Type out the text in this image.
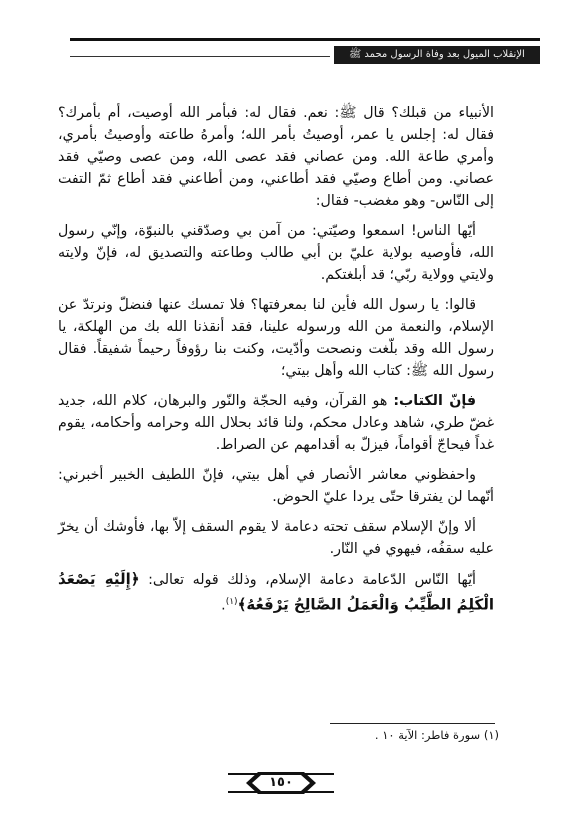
الإنقلاب الميول بعد وفاة الرسول محمد ﷺ

الأنبياء من قبلك؟ قال ﷺ: نعم. فقال له: فبأمر الله أوصيت، أم بأمرك؟ فقال له: إجلس يا عمر، أوصيتُ بأمر الله؛ وأمرهُ طاعته وأوصيتُ بأمري، وأمري طاعة الله. ومن عصاني فقد عصى الله، ومن عصى وصيّي فقد عصاني. ومن أطاع وصيّي فقد أطاعني، ومن أطاعني فقد أطاع ثمّ التفت إلى النّاس- وهو مغضب- فقال:

أيّها الناس! اسمعوا وصيّتي: من آمن بي وصدّقني بالنبوّة، وإنّي رسول الله، فأوصيه بولاية عليّ بن أبي طالب وطاعته والتصديق له، فإنّ ولايته ولايتي وولاية ربّي؛ قد أبلغتكم.

قالوا: يا رسول الله فأين لنا بمعرفتها؟ فلا تمسك عنها فنضلّ ونرتدّ عن الإسلام، والنعمة من الله ورسوله علينا، فقد أنقذنا الله بك من الهلكة، يا رسول الله وقد بلّغت ونصحت وأدّيت، وكنت بنا رؤوفاً رحيماً شفيقاً. فقال رسول الله ﷺ: كتاب الله وأهل بيتي؛

فإنّ الكتاب: هو القرآن، وفيه الحجّة والنّور والبرهان، كلام الله، جديد غضّ طري، شاهد وعادل محكم، ولنا قائد بحلال الله وحرامه وأحكامه، يقوم غداً فيحاجّ أقواماً، فيزلّ به أقدامهم عن الصراط.

واحفظوني معاشر الأنصار في أهل بيتي، فإنّ اللطيف الخبير أخبرني: أنّهما لن يفترقا حتّى يردا عليّ الحوض.

ألا وإنّ الإسلام سقف تحته دعامة لا يقوم السقف إلاّ بها، فأوشك أن يخرّ عليه سقفُه، فيهوي في النّار.

أيّها النّاس الدّعامة دعامة الإسلام، وذلك قوله تعالى: ﴿إِلَيْهِ يَصْعَدُ الْكَلِمُ الطَّيِّبُ وَالْعَمَلُ الصَّالِحُ يَرْفَعُهُ﴾$^{(١)}$.

(١) سورة فاطر: الآية ١٠ .
١٥٠
